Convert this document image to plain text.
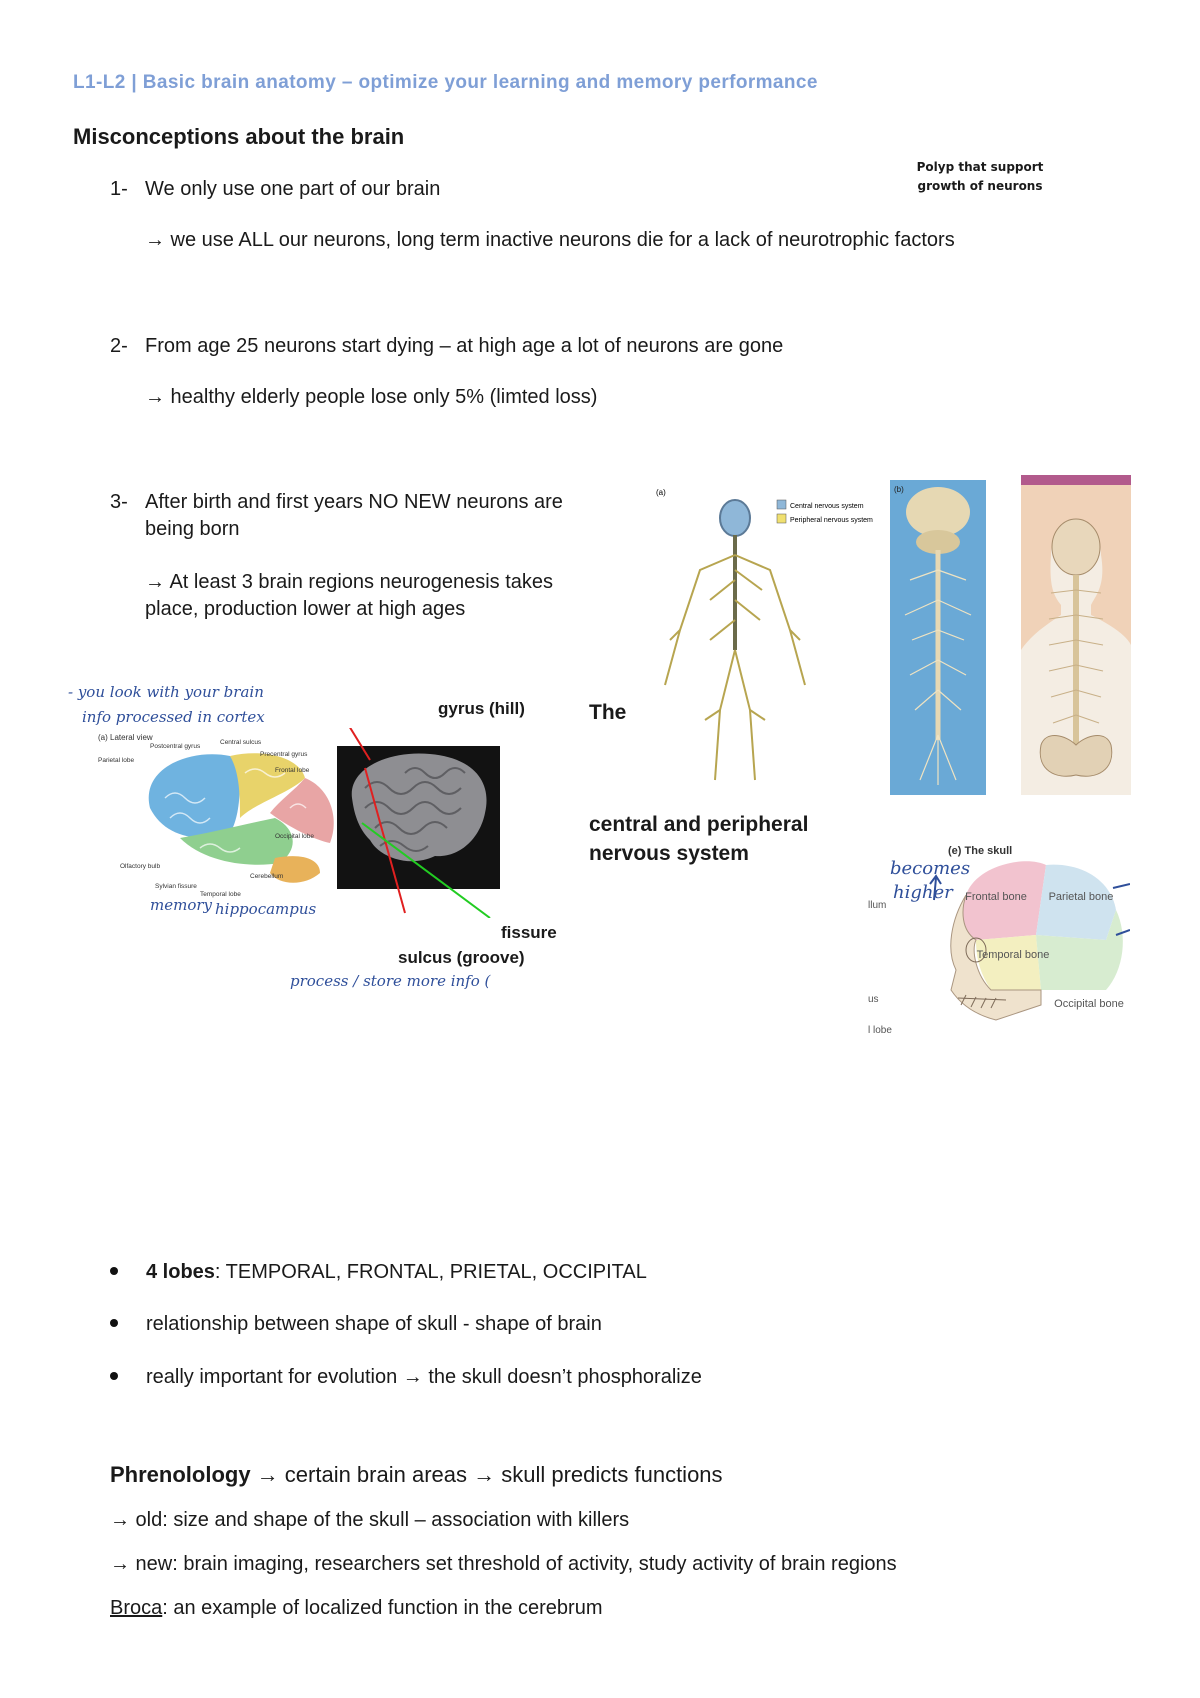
L1-L2 | Basic brain anatomy – optimize your learning and memory performance
Misconceptions about the brain
Polyp that support
growth of neurons
1- We only use one part of our brain
→ we use ALL our neurons, long term inactive neurons die for a lack of neurotrophic factors
2- From age 25 neurons start dying – at high age a lot of neurons are gone
→ healthy elderly people lose only 5% (limted loss)
3- After birth and first years NO NEW neurons are
being born
→ At least 3 brain regions neurogenesis takes
place, production lower at high ages
- you look with your brain
info processed in cortex
(a) Lateral view
Parietal lobe
Postcentral gyrus
Central sulcus
Precentral gyrus
Frontal lobe
Occipital lobe
Olfactory bulb
Sylvian fissure
Temporal lobe
Cerebellum
gyrus (hill)
fissure
sulcus (groove)
memory hippocampus
process / store more info (
The
central and peripheral
nervous system
(a)
Central nervous system
Peripheral nervous system
(b)
(e) The skull
Frontal bone Parietal bone
Temporal bone
Occipital bone
llum
us
l lobe
becomes
higher
4 lobes: TEMPORAL, FRONTAL, PRIETAL, OCCIPITAL
relationship between shape of skull - shape of brain
really important for evolution → the skull doesn’t phosphoralize
Phrenolology → certain brain areas → skull predicts functions
→ old: size and shape of the skull – association with killers
→ new: brain imaging, researchers set threshold of activity, study activity of brain regions
Broca: an example of localized function in the cerebrum
